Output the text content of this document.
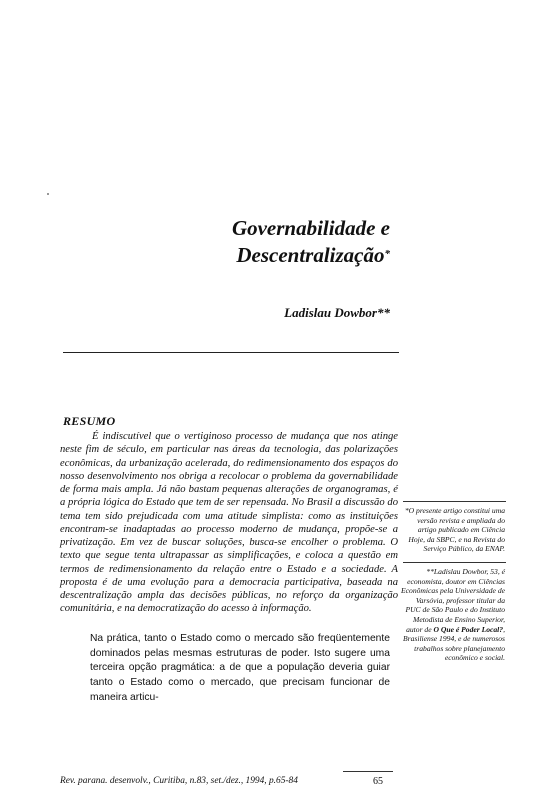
Governabilidade e
Descentralização*
Ladislau Dowbor**
RESUMO
É indiscutível que o vertiginoso processo de mudança que nos atinge neste fim de século, em particular nas áreas da tecnologia, das polarizações econômicas, da urbanização acelerada, do redimensionamento dos espaços do nosso desenvolvimento nos obriga a recolocar o problema da governabilidade de forma mais ampla. Já não bastam pequenas alterações de organogramas, é a própria lógica do Estado que tem de ser repensada. No Brasil a discussão do tema tem sido prejudicada com uma atitude simplista: como as instituições encontram-se inadaptadas ao processo moderno de mudança, propõe-se a privatização. Em vez de buscar soluções, busca-se encolher o problema. O texto que segue tenta ultrapassar as simplificações, e coloca a questão em termos de redimensionamento da relação entre o Estado e a sociedade. A proposta é de uma evolução para a democracia participativa, baseada na descentralização ampla das decisões públicas, no reforço da organização comunitária, e na democratização do acesso à informação.
*O presente artigo constitui uma versão revista e ampliada do artigo publicado em Ciência Hoje, da SBPC, e na Revista do Serviço Público, da ENAP.
**Ladislau Dowbor, 53, é economista, doutor em Ciências Econômicas pela Universidade de Varsóvia, professor titular da PUC de São Paulo e do Instituto Metodista de Ensino Superior, autor de O Que é Poder Local?, Brasiliense 1994, e de numerosos trabalhos sobre planejamento econômico e social.
Na prática, tanto o Estado como o mercado são freqüentemente dominados pelas mesmas estruturas de poder. Isto sugere uma terceira opção pragmática: a de que a população deveria guiar tanto o Estado como o mercado, que precisam funcionar de maneira articu-
Rev. parana. desenvolv., Curitiba, n.83, set./dez., 1994, p.65-84	65
